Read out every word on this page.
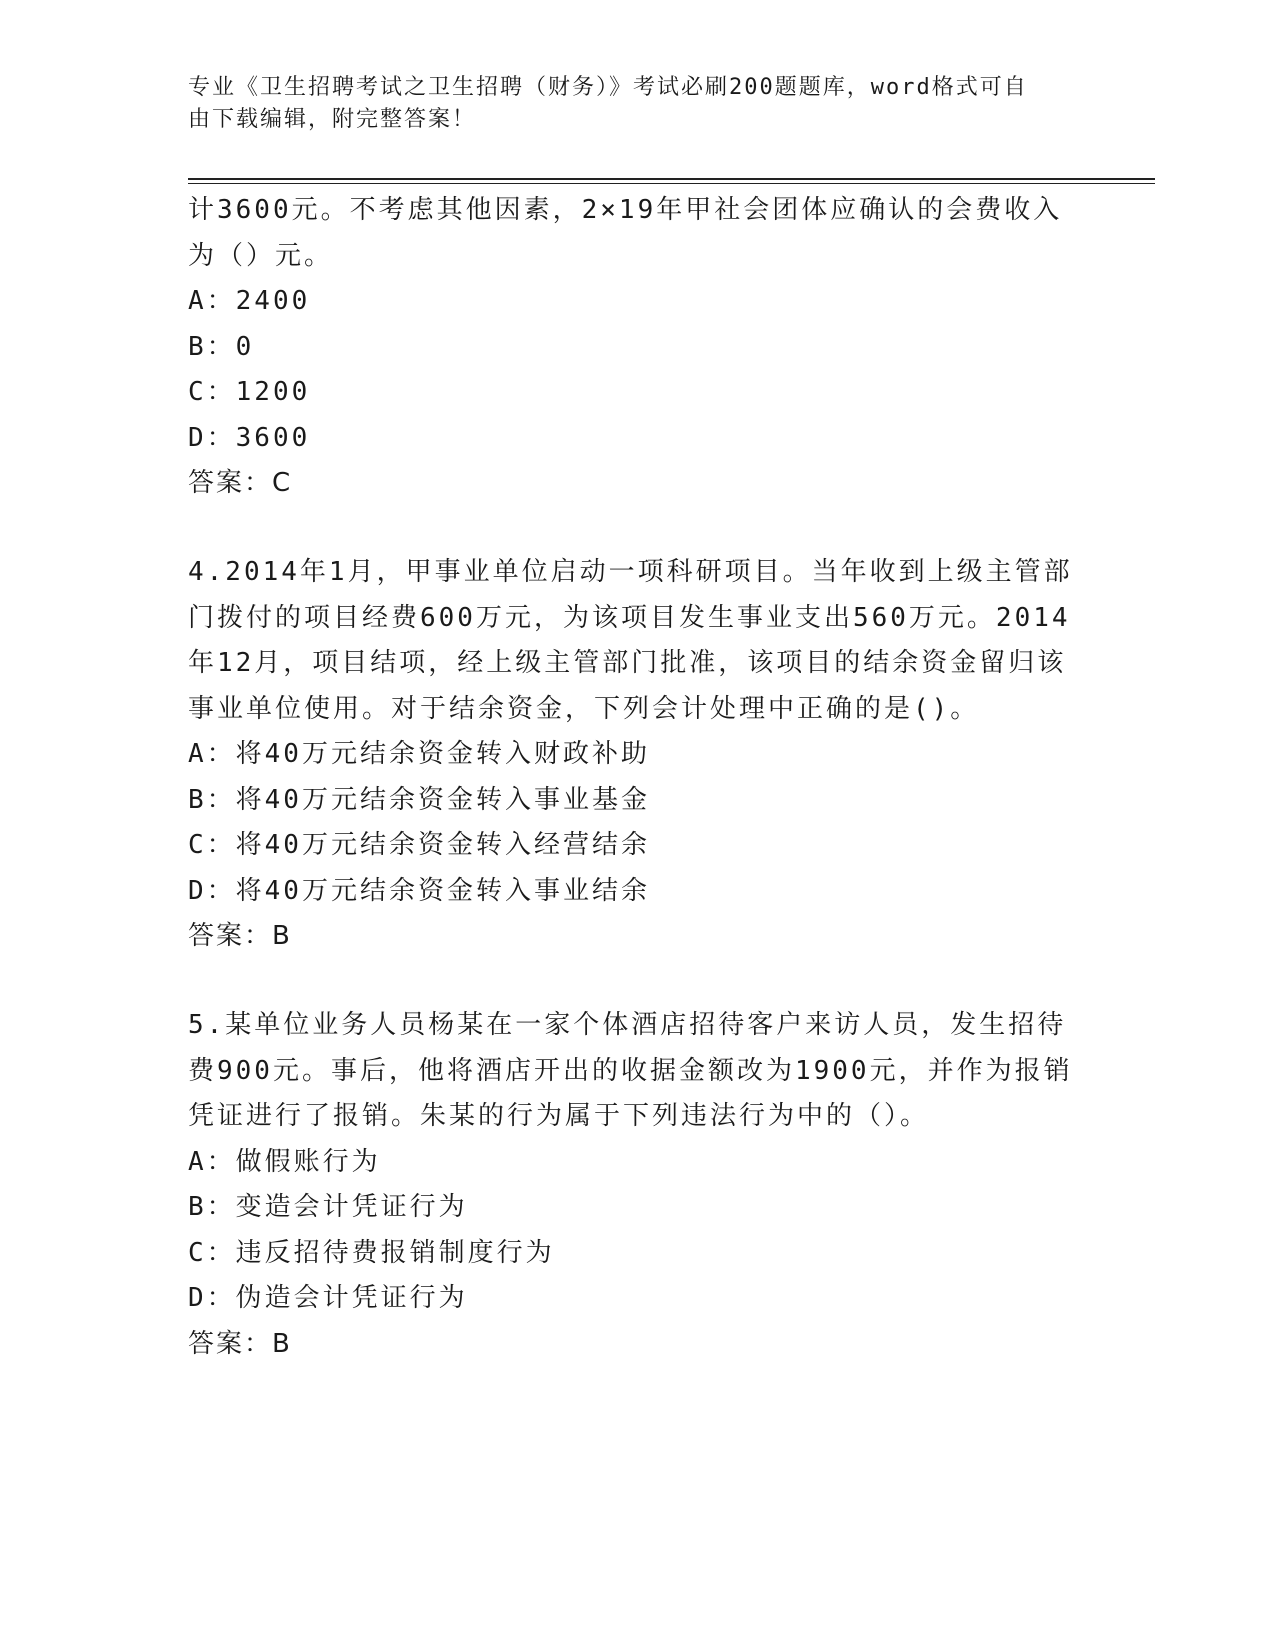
专业《卫生招聘考试之卫生招聘（财务）》考试必刷200题题库，word格式可自
由下载编辑，附完整答案！
计3600元。不考虑其他因素，2×19年甲社会团体应确认的会费收入
为（）元。
A：2400
B：0
C：1200
D：3600
答案：C
4.2014年1月，甲事业单位启动一项科研项目。当年收到上级主管部
门拨付的项目经费600万元，为该项目发生事业支出560万元。2014
年12月，项目结项，经上级主管部门批准，该项目的结余资金留归该
事业单位使用。对于结余资金，下列会计处理中正确的是()。
A：将40万元结余资金转入财政补助
B：将40万元结余资金转入事业基金
C：将40万元结余资金转入经营结余
D：将40万元结余资金转入事业结余
答案：B
5.某单位业务人员杨某在一家个体酒店招待客户来访人员，发生招待
费900元。事后，他将酒店开出的收据金额改为1900元，并作为报销
凭证进行了报销。朱某的行为属于下列违法行为中的（）。
A：做假账行为
B：变造会计凭证行为
C：违反招待费报销制度行为
D：伪造会计凭证行为
答案：B
